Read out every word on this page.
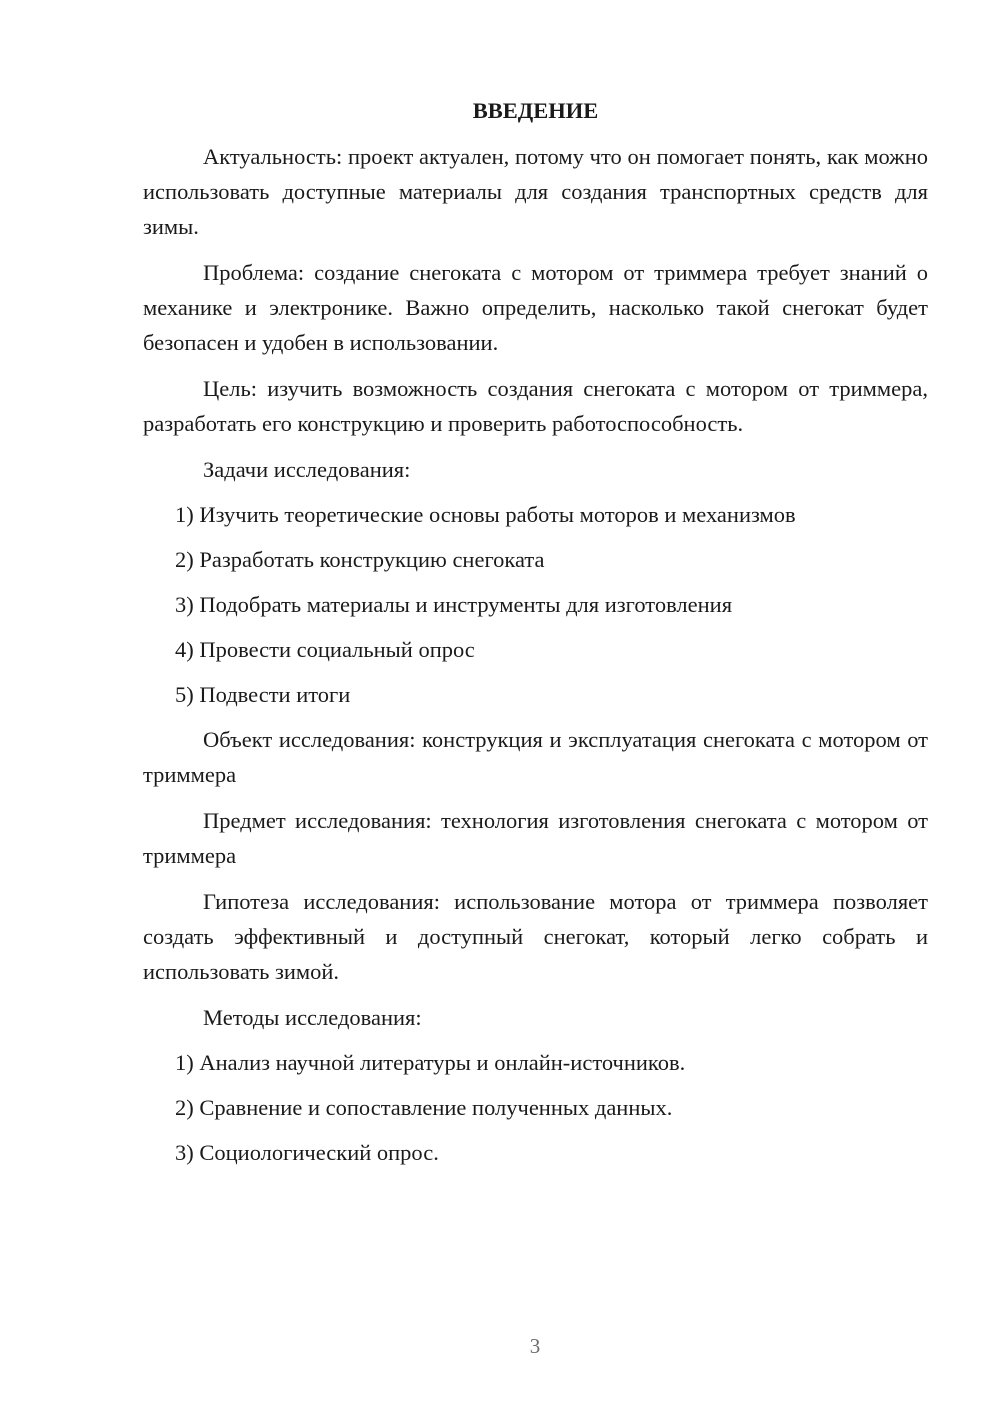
ВВЕДЕНИЕ
Актуальность: проект актуален, потому что он помогает понять, как можно использовать доступные материалы для создания транспортных средств для зимы.
Проблема: создание снегоката с мотором от триммера требует знаний о механике и электронике. Важно определить, насколько такой снегокат будет безопасен и удобен в использовании.
Цель: изучить возможность создания снегоката с мотором от триммера, разработать его конструкцию и проверить работоспособность.
Задачи исследования:
1) Изучить теоретические основы работы моторов и механизмов
2) Разработать конструкцию снегоката
3) Подобрать материалы и инструменты для изготовления
4) Провести социальный опрос
5) Подвести итоги
Объект исследования: конструкция и эксплуатация снегоката с мотором от триммера
Предмет исследования: технология изготовления снегоката с мотором от триммера
Гипотеза исследования: использование мотора от триммера позволяет создать эффективный и доступный снегокат, который легко собрать и использовать зимой.
Методы исследования:
1) Анализ научной литературы и онлайн-источников.
2) Сравнение и сопоставление полученных данных.
3) Социологический опрос.
3
